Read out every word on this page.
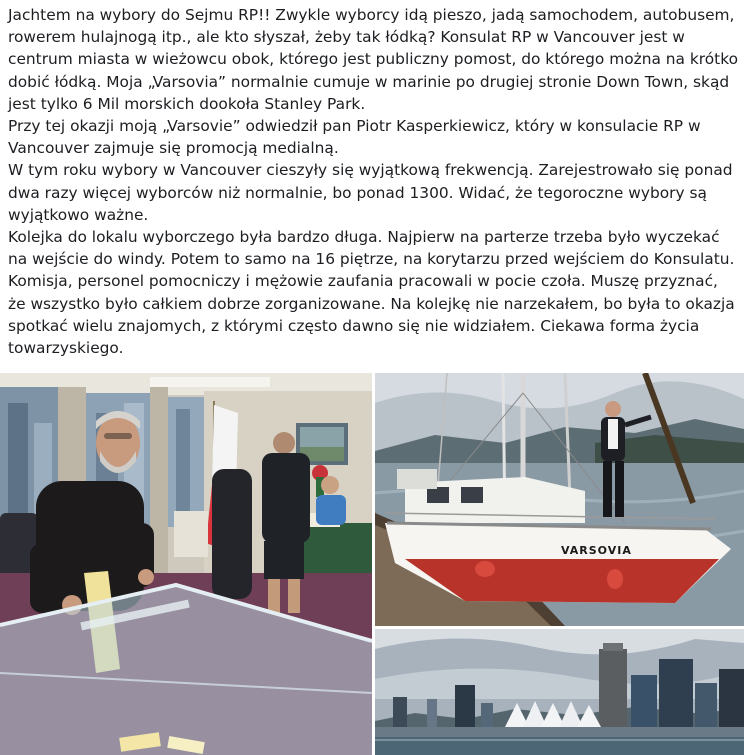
Jachtem na wybory do Sejmu RP!! Zwykle wyborcy idą pieszo, jadą samochodem, autobusem, rowerem hulajnogą itp., ale kto słyszał, żeby tak łódką? Konsulat RP w Vancouver jest w centrum miasta w wieżowcu obok, którego jest publiczny pomost, do którego można na krótko dobić łódką. Moja „Varsovia” normalnie cumuje w marinie po drugiej stronie Down Town, skąd jest tylko 6 Mil morskich dookoła Stanley Park.

Przy tej okazji moją „Varsovie” odwiedził pan Piotr Kasperkiewicz, który w konsulacie RP w Vancouver zajmuje się promocją medialną.

W tym roku wybory w Vancouver cieszyły się wyjątkową frekwencją. Zarejestrowało się ponad dwa razy więcej wyborców niż normalnie, bo ponad 1300. Widać, że tegoroczne wybory są wyjątkowo ważne.

Kolejka do lokalu wyborczego była bardzo długa. Najpierw na parterze trzeba było wyczekać na wejście do windy. Potem to samo na 16 piętrze, na korytarzu przed wejściem do Konsulatu. Komisja, personel pomocniczy i mężowie zaufania pracowali w pocie czoła. Muszę przyznać, że wszystko było całkiem dobrze zorganizowane. Na kolejkę nie narzekałem, bo była to okazja spotkać wielu znajomych, z którymi często dawno się nie widziałem. Ciekawa forma życia towarzyskiego.

VARSOVIA
